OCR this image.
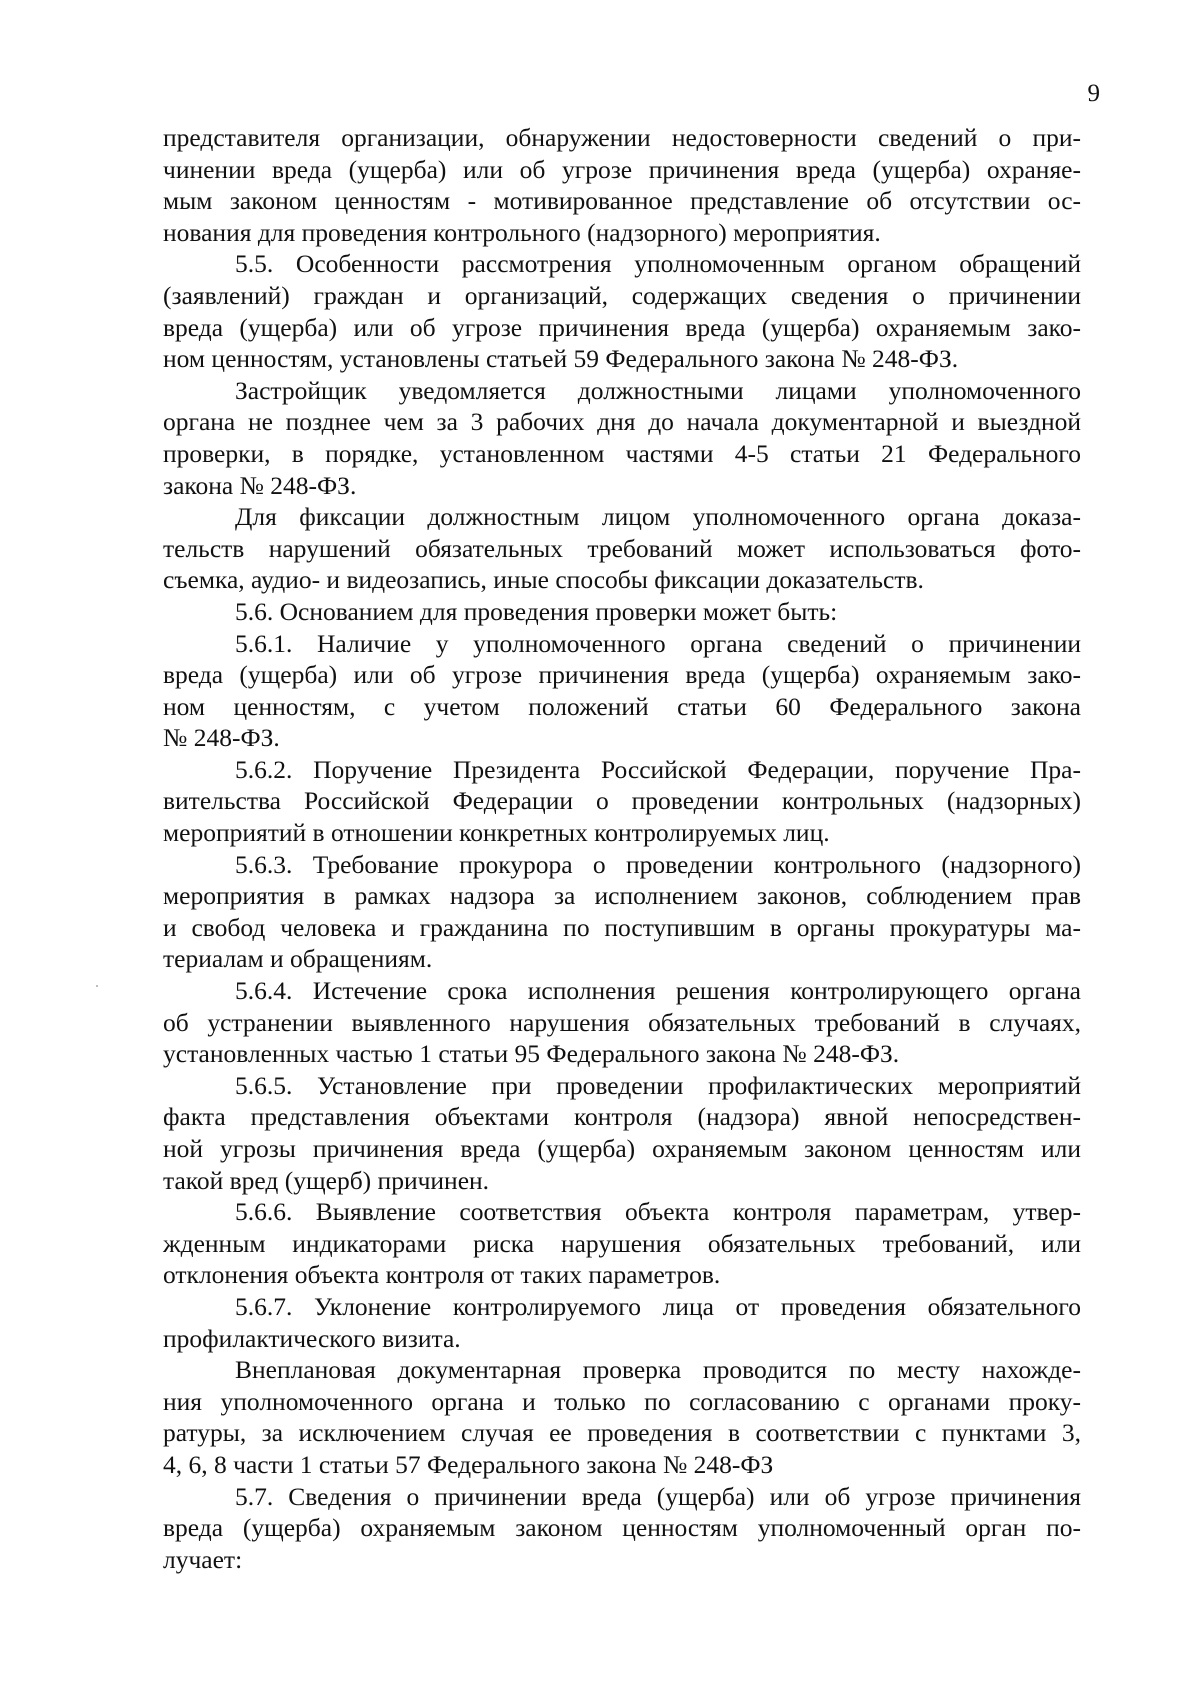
9
представителя организации, обнаружении недостоверности сведений о при-
чинении вреда (ущерба) или об угрозе причинения вреда (ущерба) охраняе-
мым законом ценностям - мотивированное представление об отсутствии ос-
нования для проведения контрольного (надзорного) мероприятия.
5.5. Особенности рассмотрения уполномоченным органом обращений
(заявлений) граждан и организаций, содержащих сведения о причинении
вреда (ущерба) или об угрозе причинения вреда (ущерба) охраняемым зако-
ном ценностям, установлены статьей 59 Федерального закона № 248-ФЗ.
Застройщик уведомляется должностными лицами уполномоченного
органа не позднее чем за 3 рабочих дня до начала документарной и выездной
проверки, в порядке, установленном частями 4-5 статьи 21 Федерального
закона № 248-ФЗ.
Для фиксации должностным лицом уполномоченного органа доказа-
тельств нарушений обязательных требований может использоваться фото-
съемка, аудио- и видеозапись, иные способы фиксации доказательств.
5.6. Основанием для проведения проверки может быть:
5.6.1. Наличие у уполномоченного органа сведений о причинении
вреда (ущерба) или об угрозе причинения вреда (ущерба) охраняемым зако-
ном ценностям, с учетом положений статьи 60 Федерального закона
№ 248-ФЗ.
5.6.2. Поручение Президента Российской Федерации, поручение Пра-
вительства Российской Федерации о проведении контрольных (надзорных)
мероприятий в отношении конкретных контролируемых лиц.
5.6.3. Требование прокурора о проведении контрольного (надзорного)
мероприятия в рамках надзора за исполнением законов, соблюдением прав
и свобод человека и гражданина по поступившим в органы прокуратуры ма-
териалам и обращениям.
5.6.4. Истечение срока исполнения решения контролирующего органа
об устранении выявленного нарушения обязательных требований в случаях,
установленных частью 1 статьи 95 Федерального закона № 248-ФЗ.
5.6.5. Установление при проведении профилактических мероприятий
факта представления объектами контроля (надзора) явной непосредствен-
ной угрозы причинения вреда (ущерба) охраняемым законом ценностям или
такой вред (ущерб) причинен.
5.6.6. Выявление соответствия объекта контроля параметрам, утвер-
жденным индикаторами риска нарушения обязательных требований, или
отклонения объекта контроля от таких параметров.
5.6.7. Уклонение контролируемого лица от проведения обязательного
профилактического визита.
Внеплановая документарная проверка проводится по месту нахожде-
ния уполномоченного органа и только по согласованию с органами проку-
ратуры, за исключением случая ее проведения в соответствии с пунктами 3,
4, 6, 8 части 1 статьи 57 Федерального закона № 248-ФЗ
5.7. Сведения о причинении вреда (ущерба) или об угрозе причинения
вреда (ущерба) охраняемым законом ценностям уполномоченный орган по-
лучает:
